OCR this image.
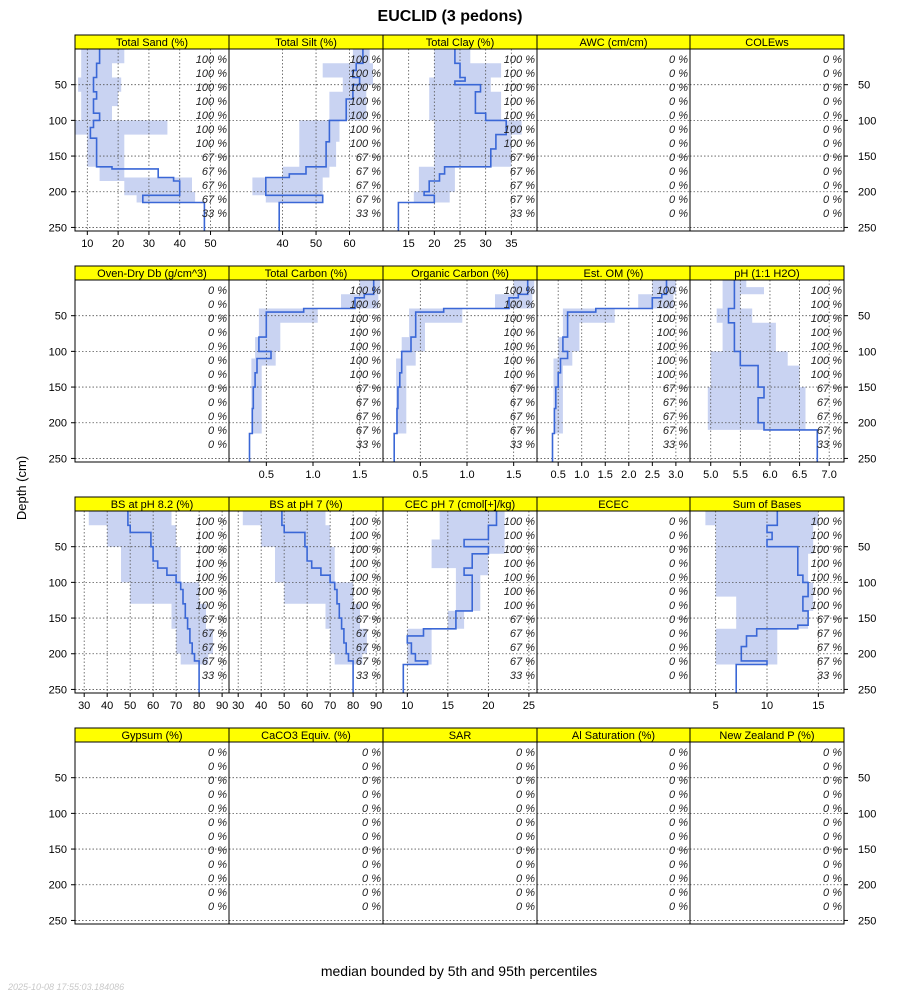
EUCLID (3 pedons)
Depth (cm)
median bounded by 5th and 95th percentiles
2025-10-08 17:55:03.184086
Total Sand (%)
100 %
100 %
100 %
100 %
100 %
100 %
100 %
67 %
67 %
67 %
67 %
33 %
10 20 30 40 50
50
100
150
200
250
Total Silt (%)
100 %
100 %
100 %
100 %
100 %
100 %
100 %
67 %
67 %
67 %
67 %
33 %
40 50 60
Total Clay (%)
100 %
100 %
100 %
100 %
100 %
100 %
100 %
67 %
67 %
67 %
67 %
33 %
15 20 25 30 35
AWC (cm/cm)
0 %
0 %
0 %
0 %
0 %
0 %
0 %
0 %
0 %
0 %
0 %
0 %
COLEws
0 %
0 %
0 %
0 %
0 %
0 %
0 %
0 %
0 %
0 %
0 %
0 %
50
100
150
200
250
Oven-Dry Db (g/cm^3)
0 %
0 %
0 %
0 %
0 %
0 %
0 %
0 %
0 %
0 %
0 %
0 %
50
100
150
200
250
Total Carbon (%)
100 %
100 %
100 %
100 %
100 %
100 %
100 %
67 %
67 %
67 %
67 %
33 %
0.5	1.0	1.5
Organic Carbon (%)
100 %
100 %
100 %
100 %
100 %
100 %
100 %
67 %
67 %
67 %
67 %
33 %
0.5	1.0	1.5
Est. OM (%)
100 %
100 %
100 %
100 %
100 %
100 %
100 %
67 %
67 %
67 %
67 %
33 %
0.5 1.0 1.5 2.0 2.5 3.0
pH (1:1 H2O)
100 %
100 %
100 %
100 %
100 %
100 %
100 %
67 %
67 %
67 %
67 %
33 %
5.0 5.5 6.0 6.5 7.0
50
100
150
200
250
BS at pH 8.2 (%)
100 %
100 %
100 %
100 %
100 %
100 %
100 %
67 %
67 %
67 %
67 %
33 %
30 40 50 60 70 80 90
50
100
150
200
250
BS at pH 7 (%)
100 %
100 %
100 %
100 %
100 %
100 %
100 %
67 %
67 %
67 %
67 %
33 %
30 40 50 60 70 80 90
CEC pH 7 (cmol[+]/kg)
100 %
100 %
100 %
100 %
100 %
100 %
100 %
67 %
67 %
67 %
67 %
33 %
10	15	20	25
ECEC
0 %
0 %
0 %
0 %
0 %
0 %
0 %
0 %
0 %
0 %
0 %
0 %
Sum of Bases
100 %
100 %
100 %
100 %
100 %
100 %
100 %
67 %
67 %
67 %
67 %
33 %
5	10	15
50
100
150
200
250
Gypsum (%)
0 %
0 %
0 %
0 %
0 %
0 %
0 %
0 %
0 %
0 %
0 %
0 %
50
100
150
200
250
CaCO3 Equiv. (%)
0 %
0 %
0 %
0 %
0 %
0 %
0 %
0 %
0 %
0 %
0 %
0 %
SAR
0 %
0 %
0 %
0 %
0 %
0 %
0 %
0 %
0 %
0 %
0 %
0 %
Al Saturation (%)
0 %
0 %
0 %
0 %
0 %
0 %
0 %
0 %
0 %
0 %
0 %
0 %
New Zealand P (%)
0 %
0 %
0 %
0 %
0 %
0 %
0 %
0 %
0 %
0 %
0 %
0 %
50
100
150
200
250
